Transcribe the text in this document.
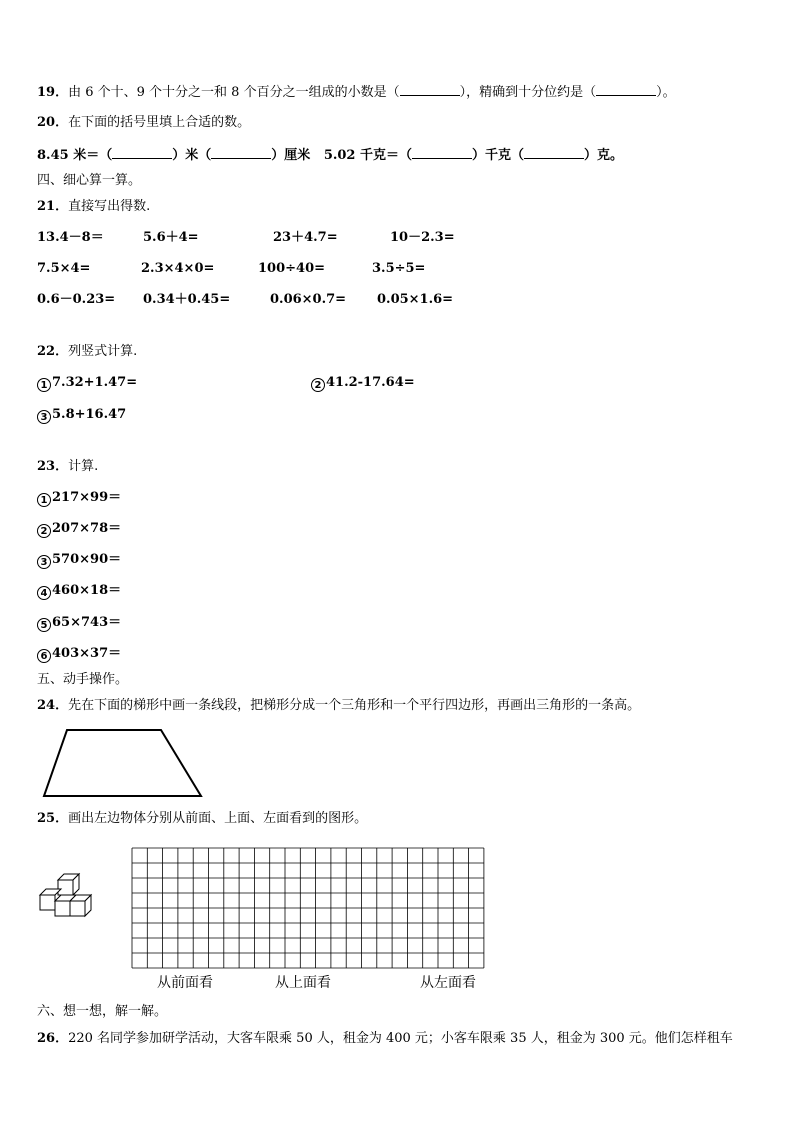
19．由 6 个十、9 个十分之一和 8 个百分之一组成的小数是（	），精确到十分位约是（	）。
20．在下面的括号里填上合适的数。
8.45 米＝（	）米（	）厘米 5.02 千克＝（	）千克（	）克。
四、细心算一算。
21．直接写出得数.
13.4－8＝	5.6＋4=	23＋4.7=	10－2.3=
7.5×4=	2.3×4×0=	100÷40=	3.5÷5=
0.6－0.23= 0.34＋0.45=	0.06×0.7= 0.05×1.6=
22．列竖式计算.
1 7.32+1.47=	2 41.2-17.64=
3 5.8+16.47
23．计算.
1 217×99＝
2 207×78＝
3 570×90＝
4 460×18＝
5 65×743＝
6 403×37＝
五、动手操作。
24．先在下面的梯形中画一条线段，把梯形分成一个三角形和一个平行四边形，再画出三角形的一条高。
25．画出左边物体分别从前面、上面、左面看到的图形。
从前面看	从上面看	从左面看
六、想一想，解一解。
26．220 名同学参加研学活动，大客车限乘 50 人，租金为 400 元；小客车限乘 35 人，租金为 300 元。他们怎样租车
